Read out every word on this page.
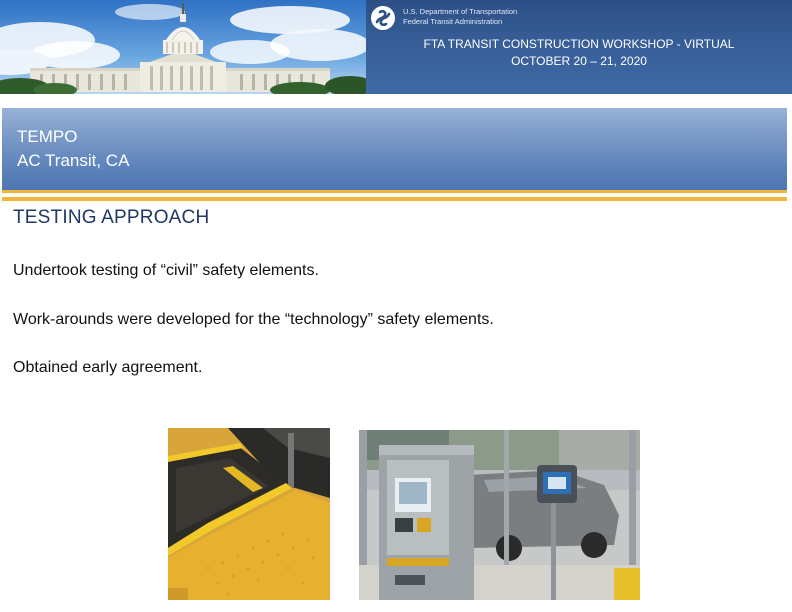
U.S. Department of Transportation
Federal Transit Administration
FTA TRANSIT CONSTRUCTION WORKSHOP - VIRTUAL
OCTOBER 20 – 21, 2020
TEMPO
AC Transit, CA
TESTING APPROACH
Undertook testing of “civil” safety elements.
Work-arounds were developed for the “technology” safety elements.
Obtained early agreement.
